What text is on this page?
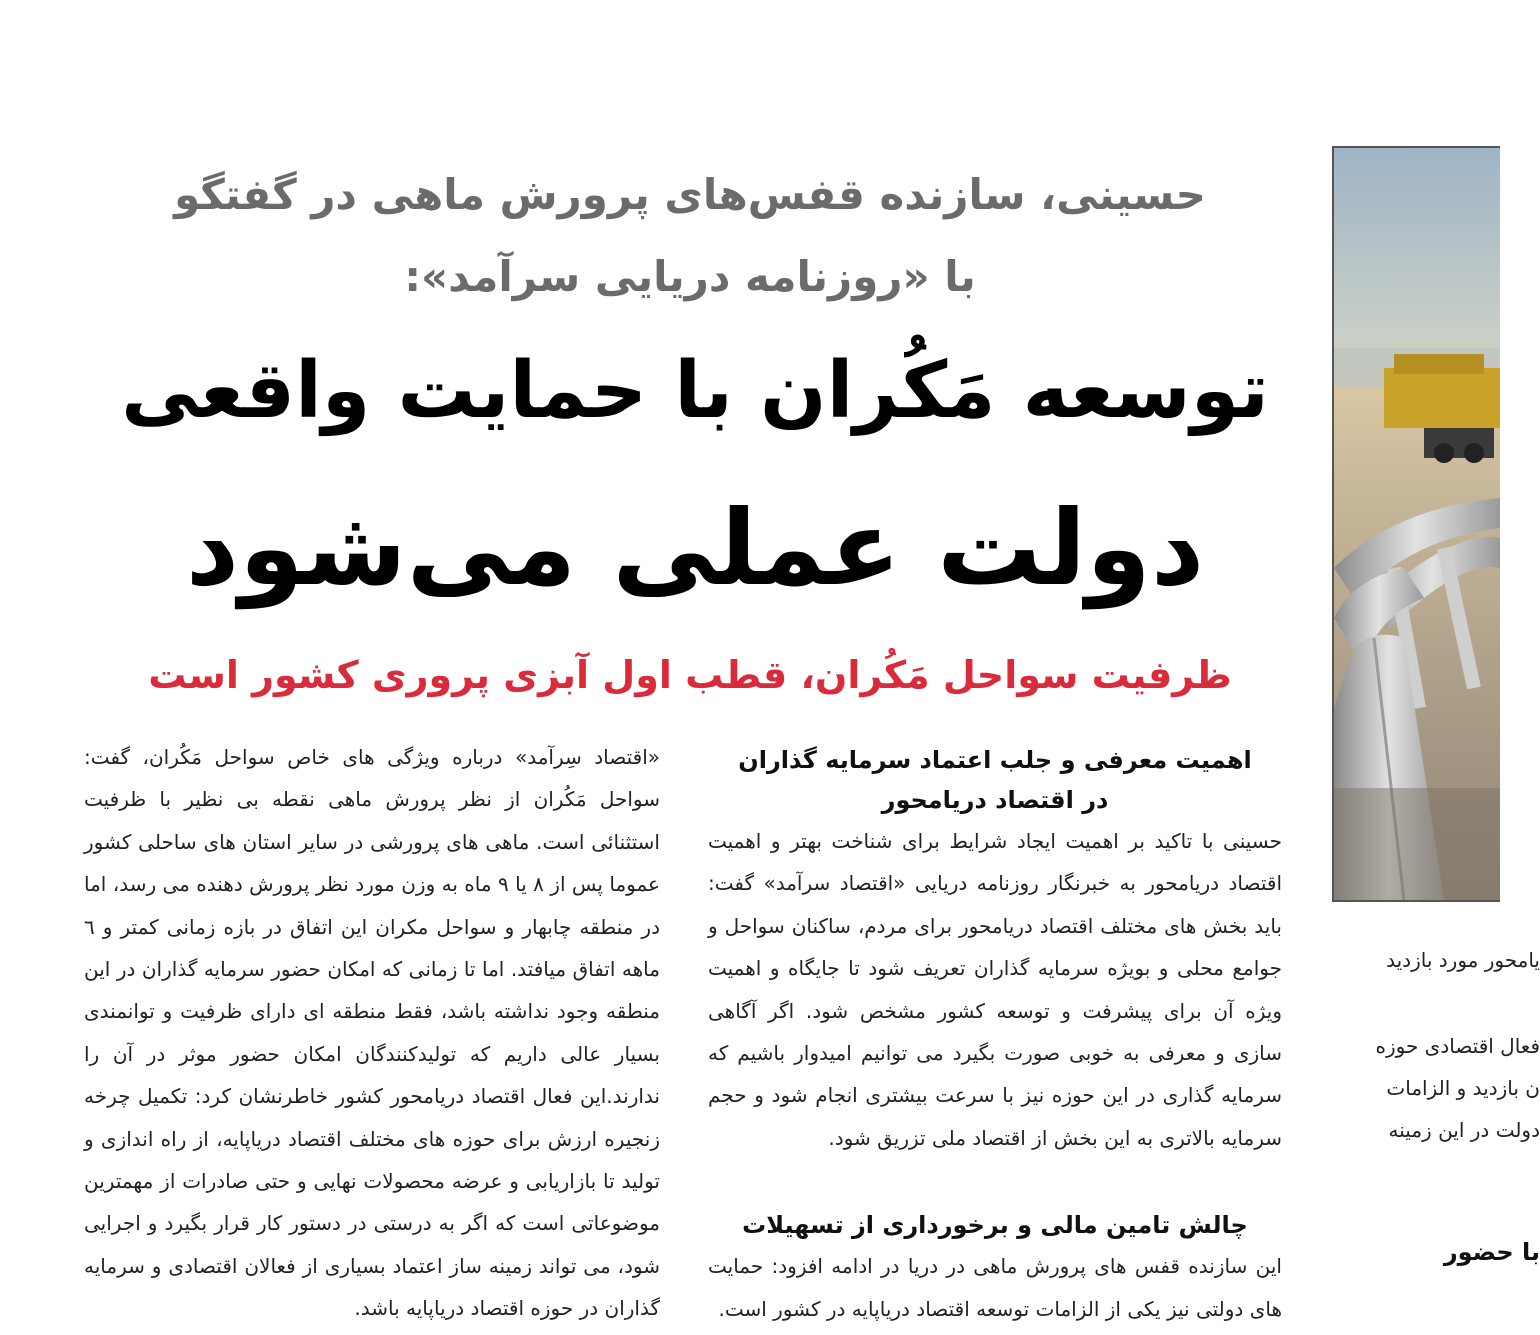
حسینی، سازنده قفس‌های پرورش ماهی در گفتگو
با «روزنامه دریایی سرآمد»:
توسعه مَکُران با حمایت واقعی
دولت عملی می‌شود
ظرفیت سواحل مَکُران، قطب اول آبزی پروری کشور است

«اقتصاد سِرآمد» درباره ویژگی های خاص سواحل مَکُران، گفت: سواحل مَکُران از نظر پرورش ماهی نقطه بی نظیر با ظرفیت استثنائی است. ماهی های پرورشی در سایر استان های ساحلی کشور عموما پس از ۸ یا ۹ ماه به وزن مورد نظر پرورش دهنده می رسد، اما در منطقه چابهار و سواحل مکران این اتفاق در بازه زمانی کمتر و ٦ ماهه اتفاق میافتد. اما تا زمانی که امکان حضور سرمایه گذاران در این منطقه وجود نداشته باشد، فقط منطقه ای دارای ظرفیت و توانمندی بسیار عالی داریم که تولیدکنندگان امکان حضور موثر در آن را ندارند.این فعال اقتصاد دریامحور کشور خاطرنشان کرد: تکمیل چرخه زنجیره ارزش برای حوزه های مختلف اقتصاد دریاپایه، از راه اندازی و تولید تا بازاریابی و عرضه محصولات نهایی و حتی صادرات از مهمترین موضوعاتی است که اگر به درستی در دستور کار قرار بگیرد و اجرایی شود، می تواند زمینه ساز اعتماد بسیاری از فعالان اقتصادی و سرمایه گذاران در حوزه اقتصاد دریاپایه باشد.

اهمیت معرفی و جلب اعتماد سرمایه گذاران
در اقتصاد دریامحور

حسینی با تاکید بر اهمیت ایجاد شرایط برای شناخت بهتر و اهمیت اقتصاد دریامحور به خبرنگار روزنامه دریایی «اقتصاد سرآمد» گفت: باید بخش های مختلف اقتصاد دریامحور برای مردم، ساکنان سواحل و جوامع محلی و بویژه سرمایه گذاران تعریف شود تا جایگاه و اهمیت ویژه آن برای پیشرفت و توسعه کشور مشخص شود. اگر آگاهی سازی و معرفی به خوبی صورت بگیرد می توانیم امیدوار باشیم که سرمایه گذاری در این حوزه نیز با سرعت بیشتری انجام شود و حجم سرمایه بالاتری به این بخش از اقتصاد ملی تزریق شود.

چالش تامین مالی و برخورداری از تسهیلات

این سازنده قفس های پرورش ماهی در دریا در ادامه افزود: حمایت های دولتی نیز یکی از الزامات توسعه اقتصاد دریاپایه در کشور است.

یامحور مورد بازدید
فعال اقتصادی حوزه
ن بازدید و الزامات
دولت در این زمینه
با حضور
